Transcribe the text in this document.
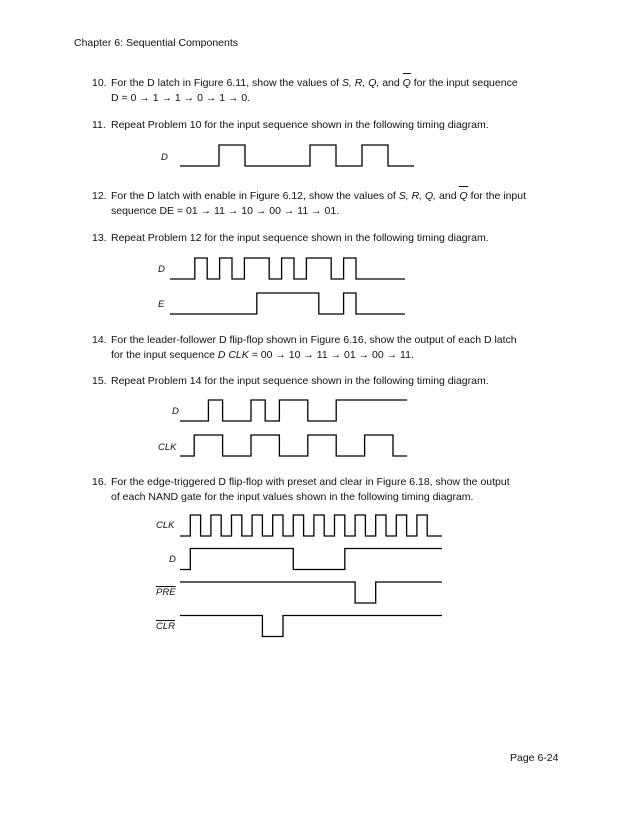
Chapter 6: Sequential Components
10. For the D latch in Figure 6.11, show the values of S, R, Q, and Q for the input sequence
D = 0 → 1 → 1 → 0 → 1 → 0.
11. Repeat Problem 10 for the input sequence shown in the following timing diagram.
D
12. For the D latch with enable in Figure 6.12, show the values of S, R, Q, and Q for the input
sequence DE = 01 → 11 → 10 → 00 → 11 → 01.
13. Repeat Problem 12 for the input sequence shown in the following timing diagram.
D
E
14. For the leader-follower D flip-flop shown in Figure 6.16, show the output of each D latch
for the input sequence D CLK = 00 → 10 → 11 → 01 → 00 → 11.
15. Repeat Problem 14 for the input sequence shown in the following timing diagram.
D
CLK
16. For the edge-triggered D flip-flop with preset and clear in Figure 6.18, show the output
of each NAND gate for the input values shown in the following timing diagram.
CLK
D
$\overline{PRE}$
$\overline{CLR}$
Page 6-24
